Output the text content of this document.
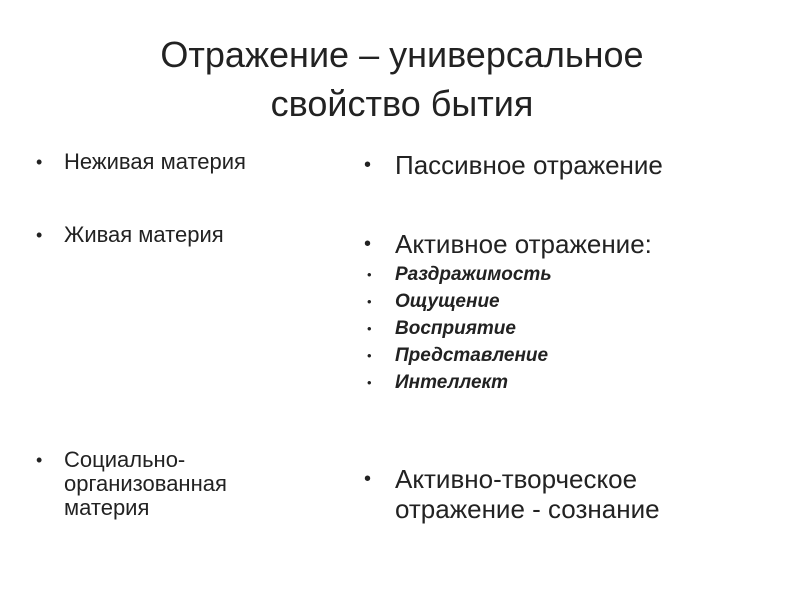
Отражение – универсальное
свойство бытия
• Неживая материя
• Живая материя
• Социально-
организованная
материя
• Пассивное отражение
• Активное отражение:
•	Раздражимость
•	Ощущение
•	Восприятие
•	Представление
•	Интеллект
• Активно-творческое
отражение - сознание
